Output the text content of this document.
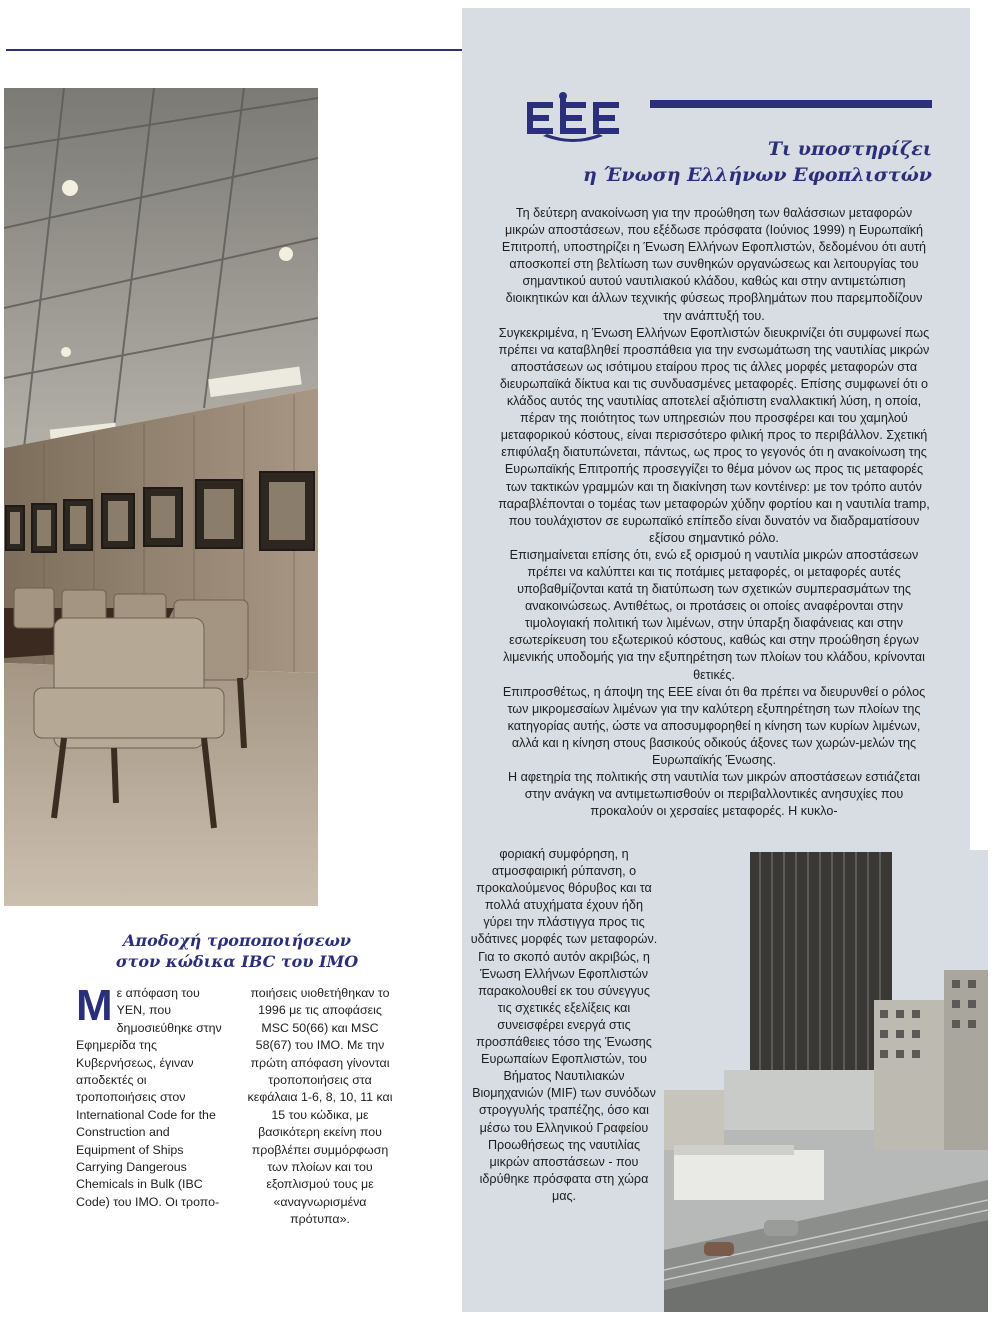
Τι υποστηρίζει
η Ένωση Ελλήνων Εφοπλιστών

Τη δεύτερη ανακοίνωση για την προώθηση των θαλάσσιων μεταφορών μικρών αποστάσεων, που εξέδωσε πρόσφατα (Ιούνιος 1999) η Ευρωπαϊκή Επιτροπή, υποστηρίζει η Ένωση Ελλήνων Εφοπλιστών, δεδομένου ότι αυτή αποσκοπεί στη βελτίωση των συνθηκών οργανώσεως και λειτουργίας του σημαντικού αυτού ναυτιλιακού κλάδου, καθώς και στην αντιμετώπιση διοικητικών και άλλων τεχνικής φύσεως προβλημάτων που παρεμποδίζουν την ανάπτυξή του.

Συγκεκριμένα, η Ένωση Ελλήνων Εφοπλιστών διευκρινίζει ότι συμφωνεί πως πρέπει να καταβληθεί προσπάθεια για την ενσωμάτωση της ναυτιλίας μικρών αποστάσεων ως ισότιμου εταίρου προς τις άλλες μορφές μεταφορών στα διευρωπαϊκά δίκτυα και τις συνδυασμένες μεταφορές. Επίσης συμφωνεί ότι ο κλάδος αυτός της ναυτιλίας αποτελεί αξιόπιστη εναλλακτική λύση, η οποία, πέραν της ποιότητος των υπηρεσιών που προσφέρει και του χαμηλού μεταφορικού κόστους, είναι περισσότερο φιλική προς το περιβάλλον. Σχετική επιφύλαξη διατυπώνεται, πάντως, ως προς το γεγονός ότι η ανακοίνωση της Ευρωπαϊκής Επιτροπής προσεγγίζει το θέμα μόνον ως προς τις μεταφορές των τακτικών γραμμών και τη διακίνηση των κοντέινερ: με τον τρόπο αυτόν παραβλέπονται ο τομέας των μεταφορών χύδην φορτίου και η ναυτιλία tramp, που τουλάχιστον σε ευρωπαϊκό επίπεδο είναι δυνατόν να διαδραματίσουν εξίσου σημαντικό ρόλο.

Επισημαίνεται επίσης ότι, ενώ εξ ορισμού η ναυτιλία μικρών αποστάσεων πρέπει να καλύπτει και τις ποτάμιες μεταφορές, οι μεταφορές αυτές υποβαθμίζονται κατά τη διατύπωση των σχετικών συμπερασμάτων της ανακοινώσεως. Αντιθέτως, οι προτάσεις οι οποίες αναφέρονται στην τιμολογιακή πολιτική των λιμένων, στην ύπαρξη διαφάνειας και στην εσωτερίκευση του εξωτερικού κόστους, καθώς και στην προώθηση έργων λιμενικής υποδομής για την εξυπηρέτηση των πλοίων του κλάδου, κρίνονται θετικές.

Επιπροσθέτως, η άποψη της ΕΕΕ είναι ότι θα πρέπει να διευρυνθεί ο ρόλος των μικρομεσαίων λιμένων για την καλύτερη εξυπηρέτηση των πλοίων της κατηγορίας αυτής, ώστε να αποσυμφορηθεί η κίνηση των κυρίων λιμένων, αλλά και η κίνηση στους βασικούς οδικούς άξονες των χωρών-μελών της Ευρωπαϊκής Ένωσης.

Η αφετηρία της πολιτικής στη ναυτιλία των μικρών αποστάσεων εστιάζεται στην ανάγκη να αντιμετωπισθούν οι περιβαλλοντικές ανησυχίες που προκαλούν οι χερσαίες μεταφορές. Η κυκλο-

φοριακή συμφόρηση, η ατμοσφαιρική ρύπανση, ο προκαλούμενος θόρυβος και τα πολλά ατυχήματα έχουν ήδη γύρει την πλάστιγγα προς τις υδάτινες μορφές των μεταφορών. Για το σκοπό αυτόν ακριβώς, η Ένωση Ελλήνων Εφοπλιστών παρακολουθεί εκ του σύνεγγυς τις σχετικές εξελίξεις και συνεισφέρει ενεργά στις προσπάθειες τόσο της Ένωσης Ευρωπαίων Εφοπλιστών, του Βήματος Ναυτιλιακών Βιομηχανιών (MIF) των συνόδων στρογγυλής τραπέζης, όσο και μέσω του Ελληνικού Γραφείου Προωθήσεως της ναυτιλίας μικρών αποστάσεων - που ιδρύθηκε πρόσφατα στη χώρα μας.
Αποδοχή τροποποιήσεων
στον κώδικα IBC του IMO
Μ ε απόφαση του ΥΕΝ, που δημοσιεύθηκε στην Εφημερίδα της Κυβερνήσεως, έγιναν αποδεκτές οι τροποποιήσεις στον International Code for the Construction and Equipment of Ships Carrying Dangerous Chemicals in Bulk (IBC Code) του IMO. Οι τροπο-
ποιήσεις υιοθετήθηκαν το 1996 με τις αποφάσεις MSC 50(66) και MSC 58(67) του IMO. Με την πρώτη απόφαση γίνονται τροποποιήσεις στα κεφάλαια 1-6, 8, 10, 11 και 15 του κώδικα, με βασικότερη εκείνη που προβλέπει συμμόρφωση των πλοίων και του εξοπλισμού τους με «αναγνωρισμένα πρότυπα».
